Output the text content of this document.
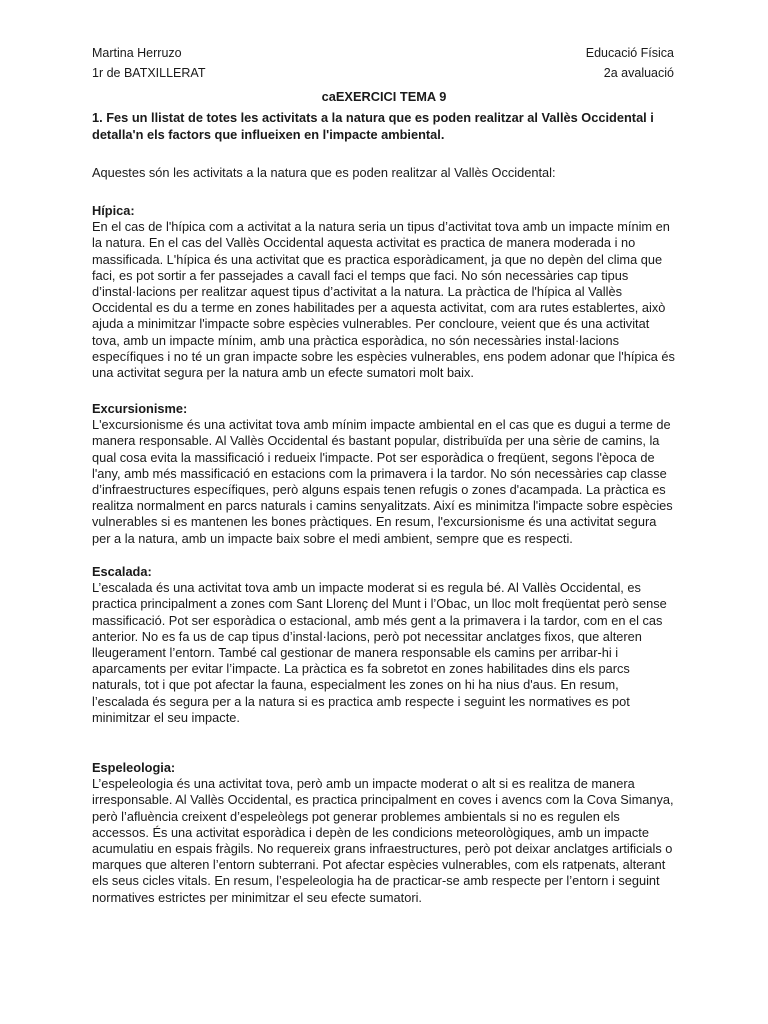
Martina Herruzo	Educació Física
1r de BATXILLERAT	2a avaluació
caEXERCICI TEMA 9
1. Fes un llistat de totes les activitats a la natura que es poden realitzar al Vallès Occidental i detalla'n els factors que influeixen en l'impacte ambiental.
Aquestes són les activitats a la natura que es poden realitzar al Vallès Occidental:
Hípica:

En el cas de l'hípica com a activitat a la natura seria un tipus d’activitat tova amb un impacte mínim en la natura. En el cas del Vallès Occidental aquesta activitat es practica de manera moderada i no massificada. L'hípica és una activitat que es practica esporàdicament, ja que no depèn del clima que faci, es pot sortir a fer passejades a cavall faci el temps que faci. No són necessàries cap tipus d’instal·lacions per realitzar aquest tipus d’activitat a la natura. La pràctica de l'hípica al Vallès Occidental es du a terme en zones habilitades per a aquesta activitat, com ara rutes establertes, això ajuda a minimitzar l'impacte sobre espècies vulnerables. Per concloure, veient que és una activitat tova, amb un impacte mínim, amb una pràctica esporàdica, no són necessàries instal·lacions específiques i no té un gran impacte sobre les espècies vulnerables, ens podem adonar que l'hípica és una activitat segura per la natura amb un efecte sumatori molt baix.

Excursionisme:

L'excursionisme és una activitat tova amb mínim impacte ambiental en el cas que es dugui a terme de manera responsable. Al Vallès Occidental és bastant popular, distribuïda per una sèrie de camins, la qual cosa evita la massificació i redueix l'impacte. Pot ser esporàdica o freqüent, segons l'època de l'any, amb més massificació en estacions com la primavera i la tardor. No són necessàries cap classe d’infraestructures específiques, però alguns espais tenen refugis o zones d'acampada. La pràctica es realitza normalment en parcs naturals i camins senyalitzats. Així es minimitza l'impacte sobre espècies vulnerables si es mantenen les bones pràctiques. En resum, l'excursionisme és una activitat segura per a la natura, amb un impacte baix sobre el medi ambient, sempre que es respecti.

Escalada:

L’escalada és una activitat tova amb un impacte moderat si es regula bé. Al Vallès Occidental, es practica principalment a zones com Sant Llorenç del Munt i l’Obac, un lloc molt freqüentat però sense massificació. Pot ser esporàdica o estacional, amb més gent a la primavera i la tardor, com en el cas anterior. No es fa us de cap tipus d’instal·lacions, però pot necessitar anclatges fixos, que alteren lleugerament l’entorn. També cal gestionar de manera responsable els camins per arribar-hi i aparcaments per evitar l’impacte. La pràctica es fa sobretot en zones habilitades dins els parcs naturals, tot i que pot afectar la fauna, especialment les zones on hi ha nius d'aus. En resum, l’escalada és segura per a la natura si es practica amb respecte i seguint les normatives es pot minimitzar el seu impacte.

Espeleologia:

L’espeleologia és una activitat tova, però amb un impacte moderat o alt si es realitza de manera irresponsable. Al Vallès Occidental, es practica principalment en coves i avencs com la Cova Simanya, però l’afluència creixent d’espeleòlegs pot generar problemes ambientals si no es regulen els accessos. És una activitat esporàdica i depèn de les condicions meteorològiques, amb un impacte acumulatiu en espais fràgils. No requereix grans infraestructures, però pot deixar anclatges artificials o marques que alteren l’entorn subterrani. Pot afectar espècies vulnerables, com els ratpenats, alterant els seus cicles vitals. En resum, l’espeleologia ha de practicar-se amb respecte per l’entorn i seguint normatives estrictes per minimitzar el seu efecte sumatori.
